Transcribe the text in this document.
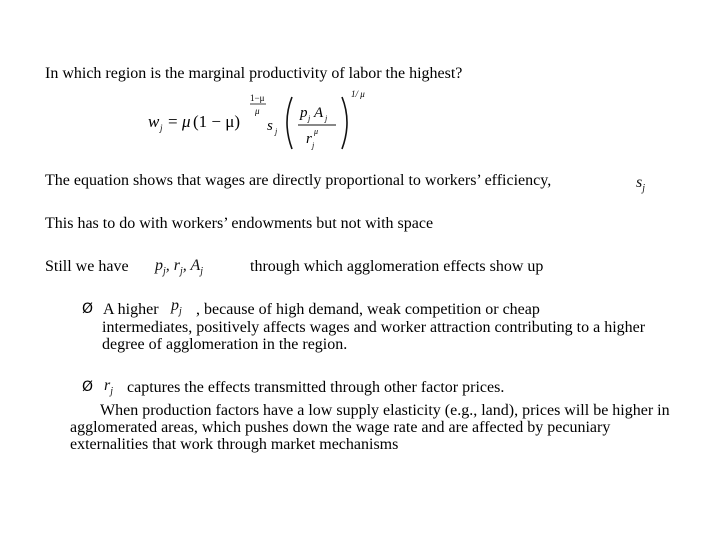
In which region is the marginal productivity of labor the highest?
w j = μ (1 − μ)
1−μ
μ
s j
p j A j
r μ
j
1/ μ
The equation shows that wages are directly proportional to workers’ efficiency,	$s_j$
This has to do with workers’ endowments but not with space
Still we have $p_j$, $r_j$, $A_j$	through which agglomeration effects show up
Ø A higher $p_j$ , because of high demand, weak competition or cheap
intermediates, positively affects wages and worker attraction contributing to a higher degree of agglomeration in the region.
Ø $r_j$ captures the effects transmitted through other factor prices.
When production factors have a low supply elasticity (e.g., land), prices will be higher in agglomerated areas, which pushes down the wage rate and are affected by pecuniary externalities that work through market mechanisms
